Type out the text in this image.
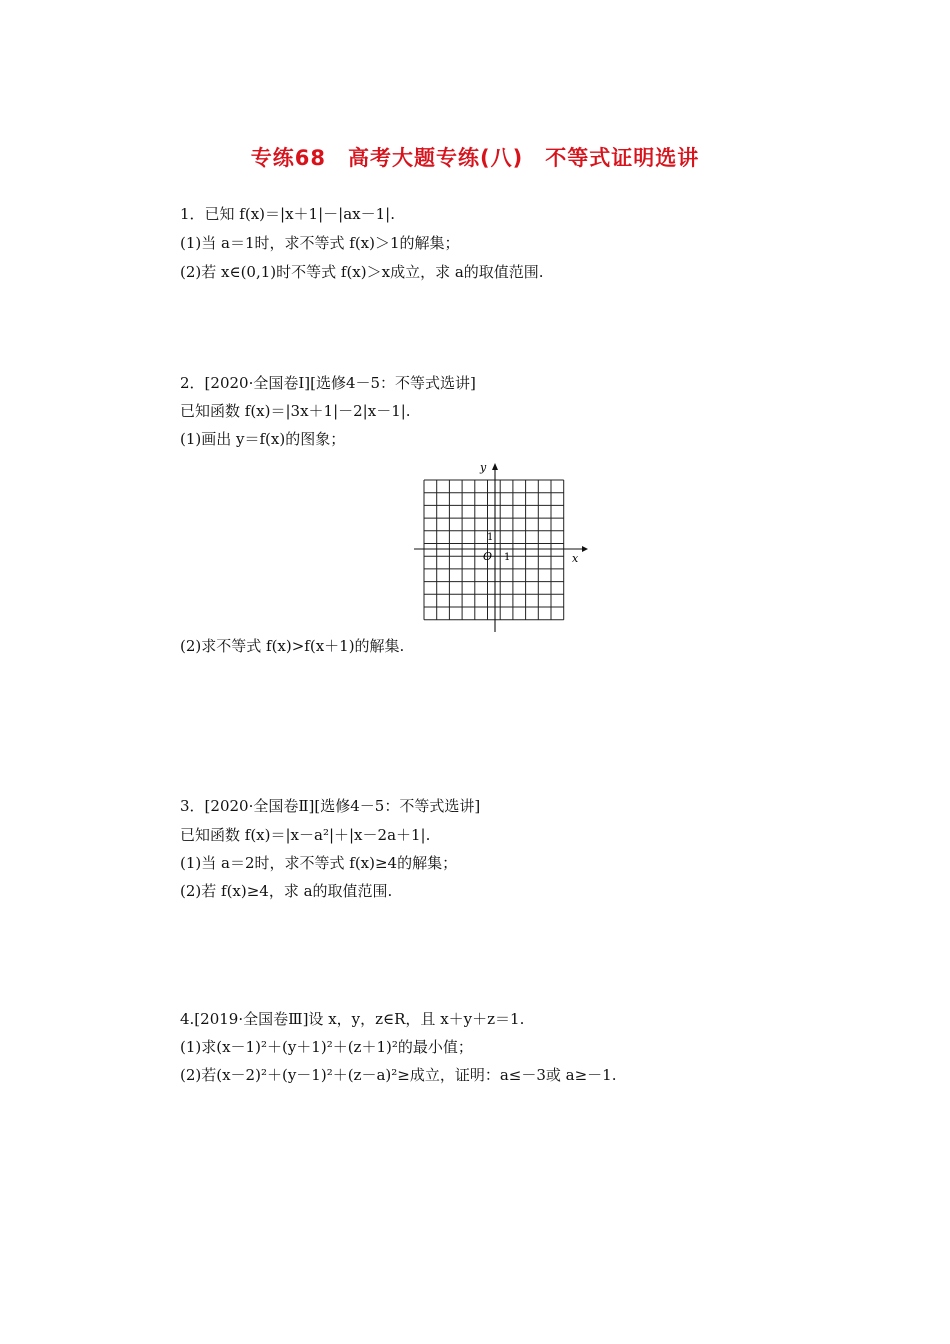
专练68　高考大题专练(八)　不等式证明选讲
1．已知 f(x)＝|x＋1|－|ax－1|.
(1)当 a＝1时，求不等式 f(x)＞1的解集；
(2)若 x∈(0,1)时不等式 f(x)＞x成立，求 a的取值范围.
2．[2020·全国卷Ⅰ][选修4－5：不等式选讲]
已知函数 f(x)＝|3x＋1|－2|x－1|.
(1)画出 y＝f(x)的图象；
y
x
O 1
1
(2)求不等式 f(x)>f(x＋1)的解集.
3．[2020·全国卷Ⅱ][选修4－5：不等式选讲]
已知函数 f(x)＝|x－a²|＋|x－2a＋1|.
(1)当 a＝2时，求不等式 f(x)≥4的解集；
(2)若 f(x)≥4，求 a的取值范围.
4.[2019·全国卷Ⅲ]设 x，y，z∈R，且 x＋y＋z＝1.
(1)求(x－1)²＋(y＋1)²＋(z＋1)²的最小值；
(2)若(x－2)²＋(y－1)²＋(z－a)²≥成立，证明：a≤－3或 a≥－1.
